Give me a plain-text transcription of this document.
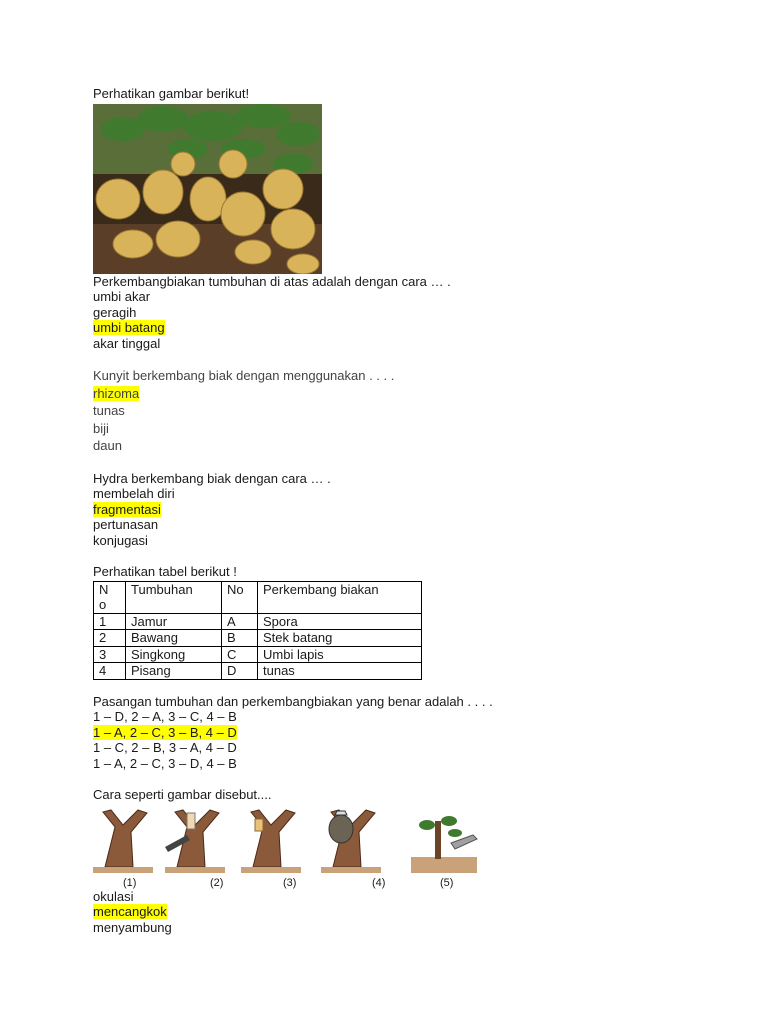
Perhatikan gambar berikut!
Perkembangbiakan tumbuhan di atas adalah dengan cara … .
umbi akar
geragih
umbi batang
akar tinggal
Kunyit berkembang biak dengan menggunakan . . . .
rhizoma
tunas
biji
daun
Hydra berkembang biak dengan cara … .
membelah diri
fragmentasi
pertunasan
konjugasi
Perhatikan tabel berikut !
N
o	Tumbuhan	No	Perkembang biakan
1	Jamur	A	Spora
2	Bawang	B	Stek batang
3	Singkong	C	Umbi lapis
4	Pisang	D	tunas
Pasangan tumbuhan dan perkembangbiakan yang benar adalah . . . .
1 – D, 2 – A, 3 – C, 4 – B
1 – A, 2 – C, 3 – B, 4 – D
1 – C, 2 – B, 3 – A, 4 – D
1 – A, 2 – C, 3 – D, 4 – B
Cara seperti gambar disebut....
(1)	(2)	(3)	(4)	(5)
okulasi
mencangkok
menyambung
